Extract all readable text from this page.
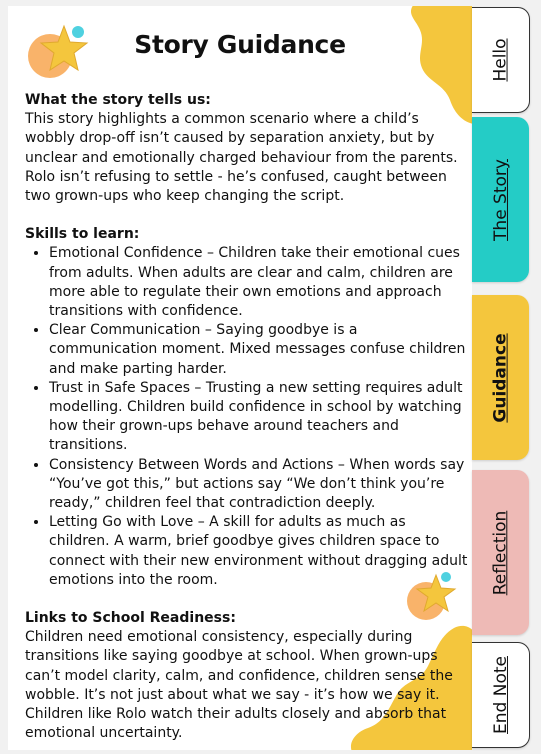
Story Guidance

What the story tells us:

This story highlights a common scenario where a child’s wobbly drop-off isn’t caused by separation anxiety, but by unclear and emotionally charged behaviour from the parents. Rolo isn’t refusing to settle - he’s confused, caught between two grown-ups who keep changing the script.

Skills to learn:

• Emotional Confidence – Children take their emotional cues from adults. When adults are clear and calm, children are more able to regulate their own emotions and approach transitions with confidence.
• Clear Communication – Saying goodbye is a communication moment. Mixed messages confuse children and make parting harder.
• Trust in Safe Spaces – Trusting a new setting requires adult modelling. Children build confidence in school by watching how their grown-ups behave around teachers and transitions.
• Consistency Between Words and Actions – When words say “You’ve got this,” but actions say “We don’t think you’re ready,” children feel that contradiction deeply.
• Letting Go with Love – A skill for adults as much as children. A warm, brief goodbye gives children space to connect with their new environment without dragging adult emotions into the room.

Links to School Readiness:

Children need emotional consistency, especially during transitions like saying goodbye at school. When grown-ups can’t model clarity, calm, and confidence, children sense the wobble. It’s not just about what we say - it’s how we say it. Children like Rolo watch their adults closely and absorb that emotional uncertainty.

Hello
The Story
Guidance
Reflection
End Note
